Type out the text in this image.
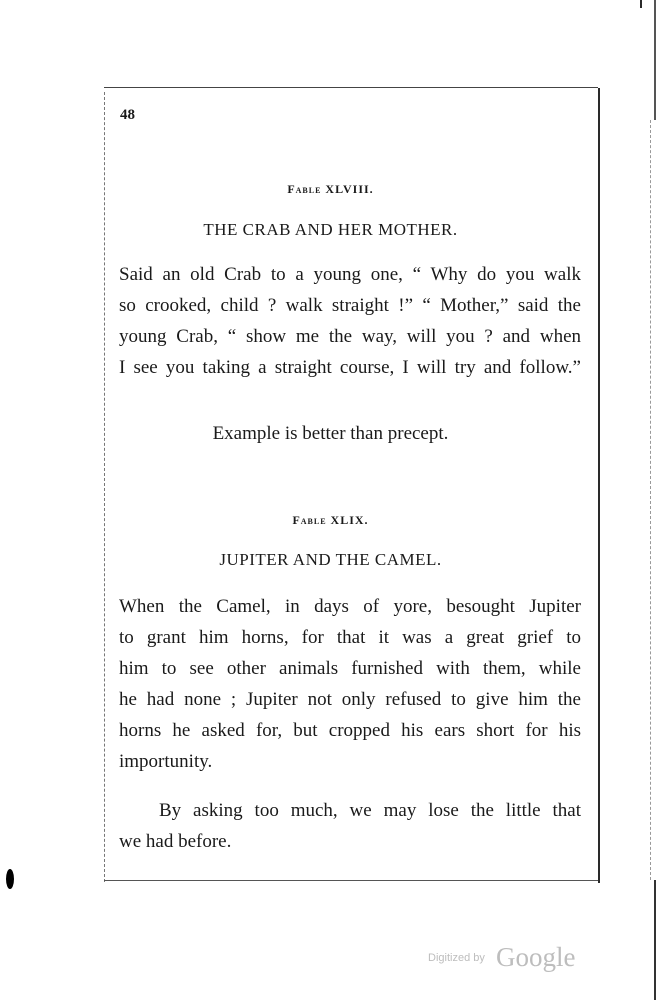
48
Fable XLVIII.
THE CRAB AND HER MOTHER.
Said an old Crab to a young one, “ Why do you walk
so crooked, child ? walk straight !” “ Mother,” said the
young Crab, “ show me the way, will you ? and when
I see you taking a straight course, I will try and follow.”
Example is better than precept.
Fable XLIX.
JUPITER AND THE CAMEL.
When the Camel, in days of yore, besought Jupiter
to grant him horns, for that it was a great grief to
him to see other animals furnished with them, while
he had none ; Jupiter not only refused to give him the
horns he asked for, but cropped his ears short for his
importunity.
By asking too much, we may lose the little that
we had before.
Digitized by Google
